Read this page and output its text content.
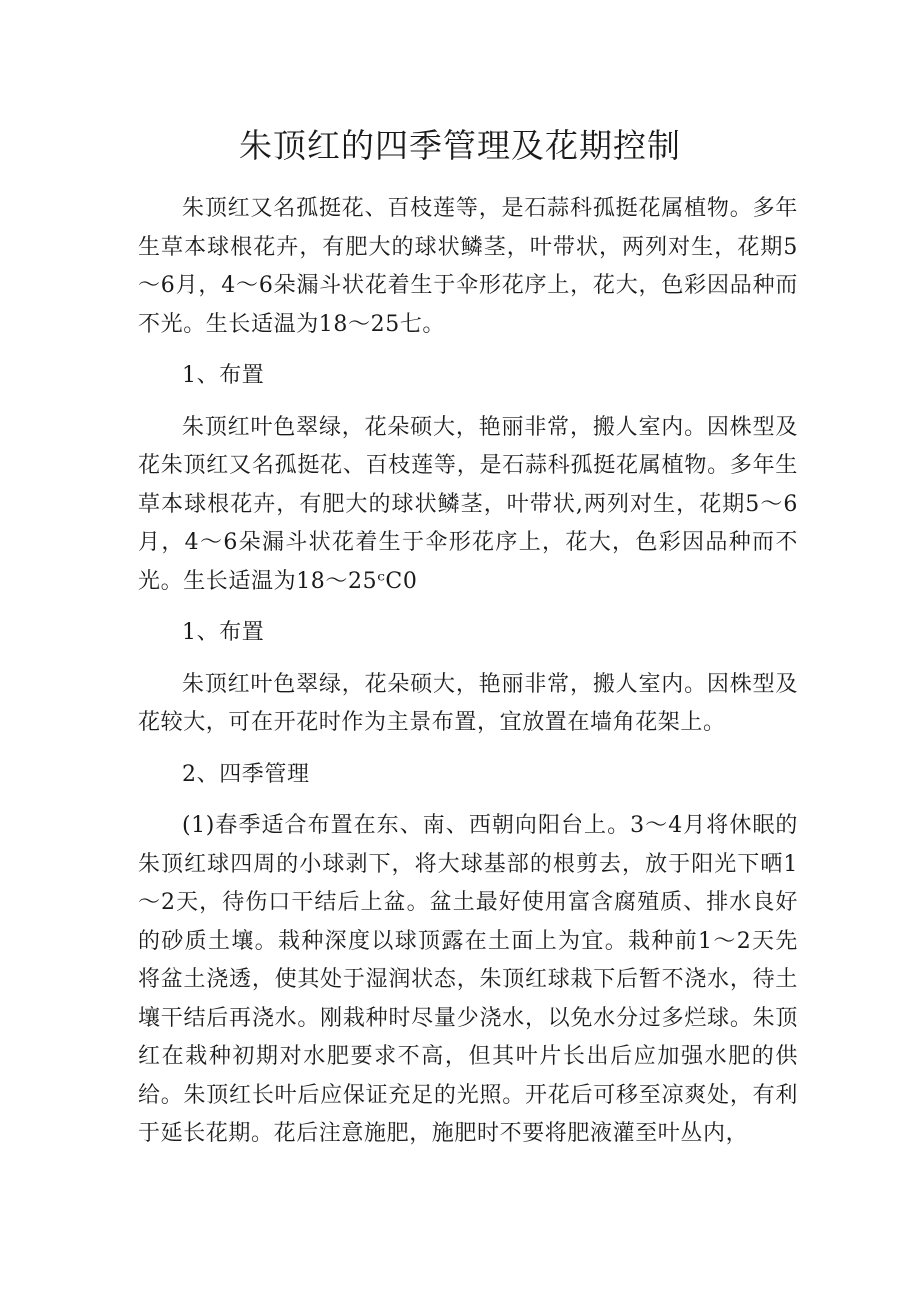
朱顶红的四季管理及花期控制

朱顶红又名孤挺花、百枝莲等，是石蒜科孤挺花属植物。多年生草本球根花卉，有肥大的球状鳞茎，叶带状，两列对生，花期5～6月，4～6朵漏斗状花着生于伞形花序上，花大，色彩因品种而不光。生长适温为18～25七。

1、布置

朱顶红叶色翠绿，花朵硕大，艳丽非常，搬人室内。因株型及花朱顶红又名孤挺花、百枝莲等，是石蒜科孤挺花属植物。多年生草本球根花卉，有肥大的球状鳞茎，叶带状,两列对生，花期5～6月，4～6朵漏斗状花着生于伞形花序上，花大，色彩因品种而不光。生长适温为18～25ᶜC0

1、布置

朱顶红叶色翠绿，花朵硕大，艳丽非常，搬人室内。因株型及花较大，可在开花时作为主景布置，宜放置在墙角花架上。

2、四季管理

(1)春季适合布置在东、南、西朝向阳台上。3～4月将休眠的朱顶红球四周的小球剥下，将大球基部的根剪去，放于阳光下晒1～2天，待伤口干结后上盆。盆土最好使用富含腐殖质、排水良好的砂质土壤。栽种深度以球顶露在土面上为宜。栽种前1～2天先将盆土浇透，使其处于湿润状态，朱顶红球栽下后暂不浇水，待土壤干结后再浇水。刚栽种时尽量少浇水，以免水分过多烂球。朱顶红在栽种初期对水肥要求不高，但其叶片长出后应加强水肥的供给。朱顶红长叶后应保证充足的光照。开花后可移至凉爽处，有利于延长花期。花后注意施肥，施肥时不要将肥液灌至叶丛内，
